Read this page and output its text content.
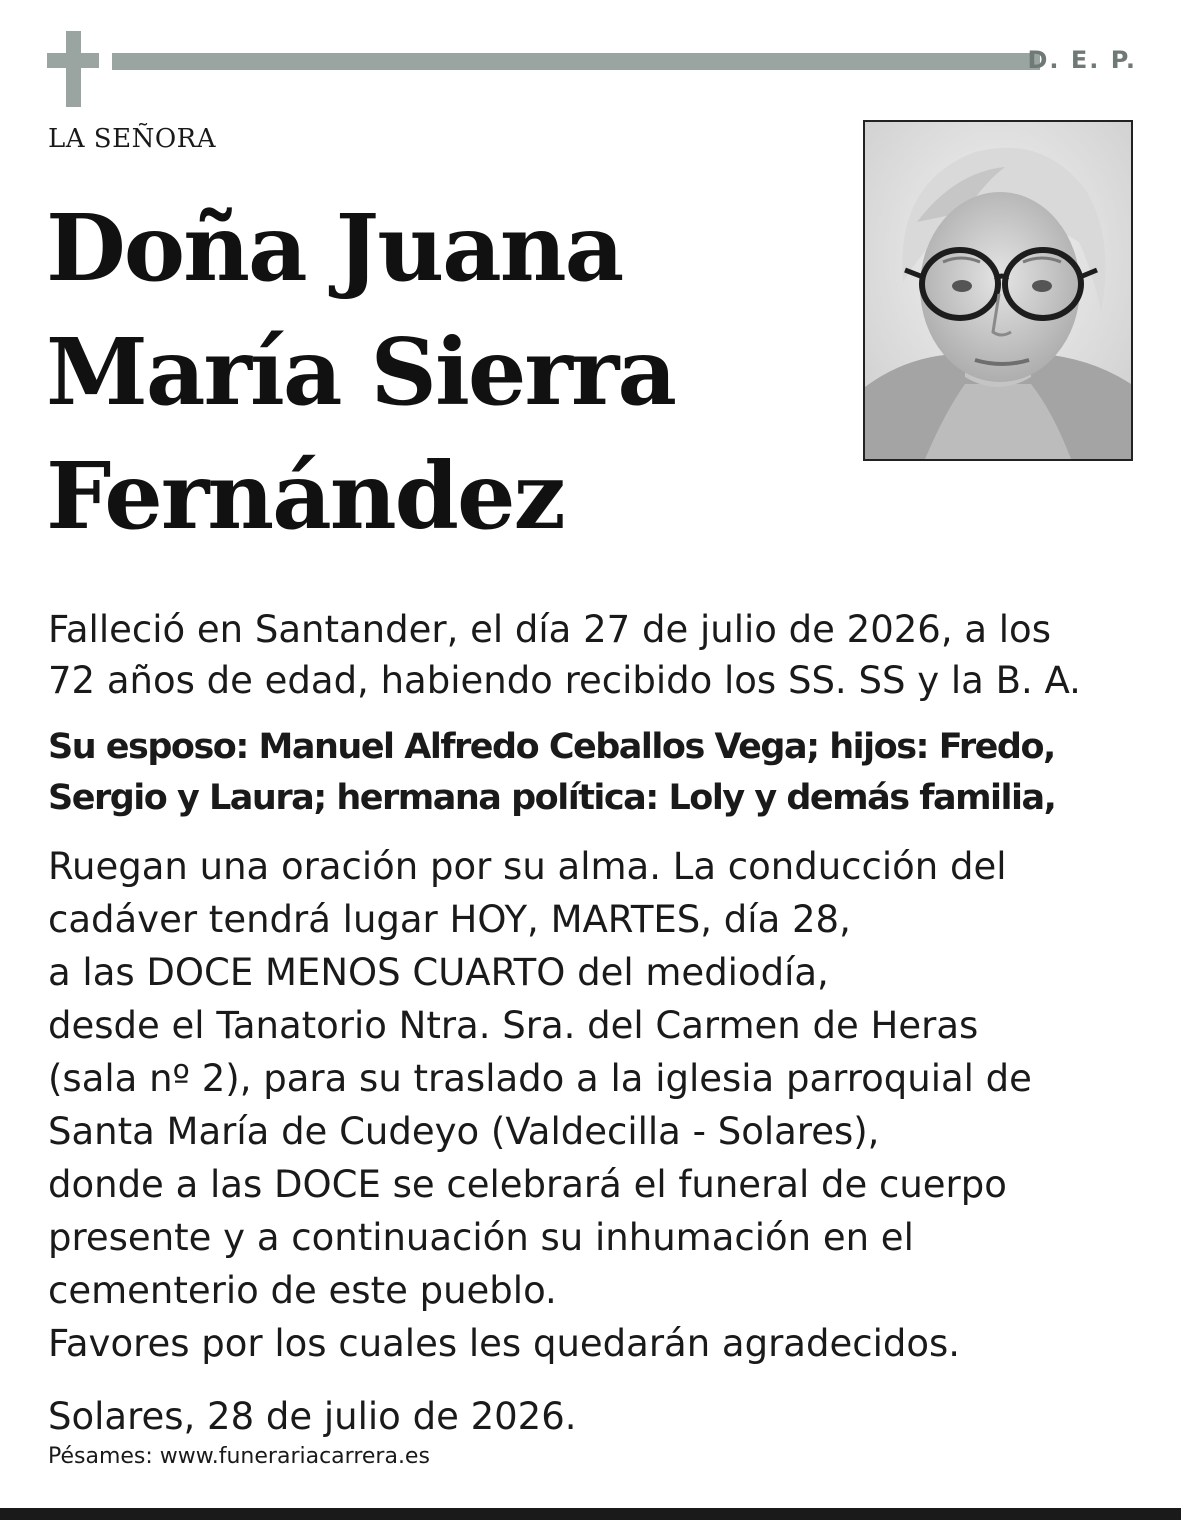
D. E. P.
LA SEÑORA
Doña Juana
María Sierra
Fernández
Falleció en Santander, el día 27 de julio de 2026, a los
72 años de edad, habiendo recibido los SS. SS y la B. A.
Su esposo: Manuel Alfredo Ceballos Vega; hijos: Fredo,
Sergio y Laura; hermana política: Loly y demás familia,
Ruegan una oración por su alma. La conducción del
cadáver tendrá lugar HOY, MARTES, día 28,
a las DOCE MENOS CUARTO del mediodía,
desde el Tanatorio Ntra. Sra. del Carmen de Heras
(sala nº 2), para su traslado a la iglesia parroquial de
Santa María de Cudeyo (Valdecilla - Solares),
donde a las DOCE se celebrará el funeral de cuerpo
presente y a continuación su inhumación en el
cementerio de este pueblo.
Favores por los cuales les quedarán agradecidos.
Solares, 28 de julio de 2026.
Pésames: www.funerariacarrera.es
